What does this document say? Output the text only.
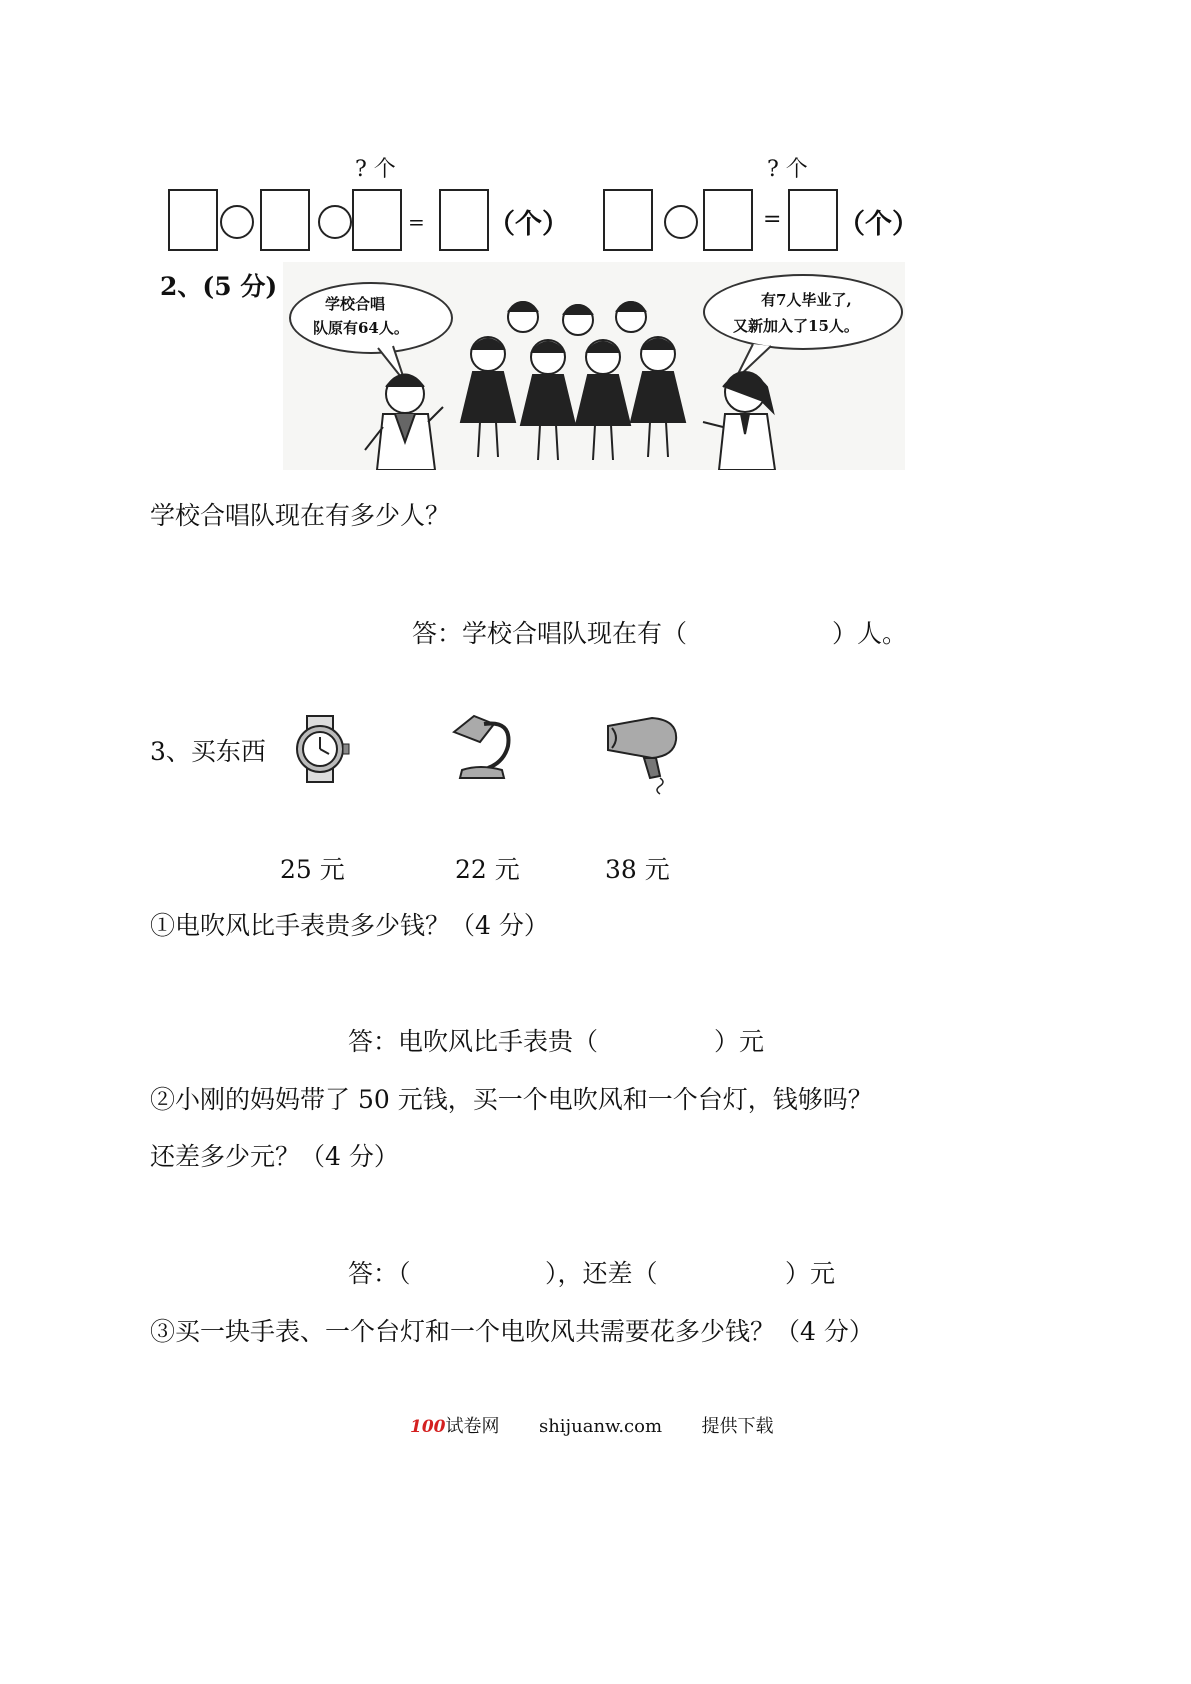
? 个	? 个
= （个）	= （个）
2、(5 分)
学校合唱
队原有64人。
有7人毕业了,
又新加入了15人。
学校合唱队现在有多少人？
答：学校合唱队现在有（	）人。
3、买东西
25 元	22 元	38 元
①电吹风比手表贵多少钱？（4 分）
答：电吹风比手表贵（	）元
②小刚的妈妈带了 50 元钱，买一个电吹风和一个台灯，钱够吗？
还差多少元？（4 分）
答：（	），还差（	）元
③买一块手表、一个台灯和一个电吹风共需要花多少钱？（4 分）
100试卷网 shijuanw.com 提供下载
